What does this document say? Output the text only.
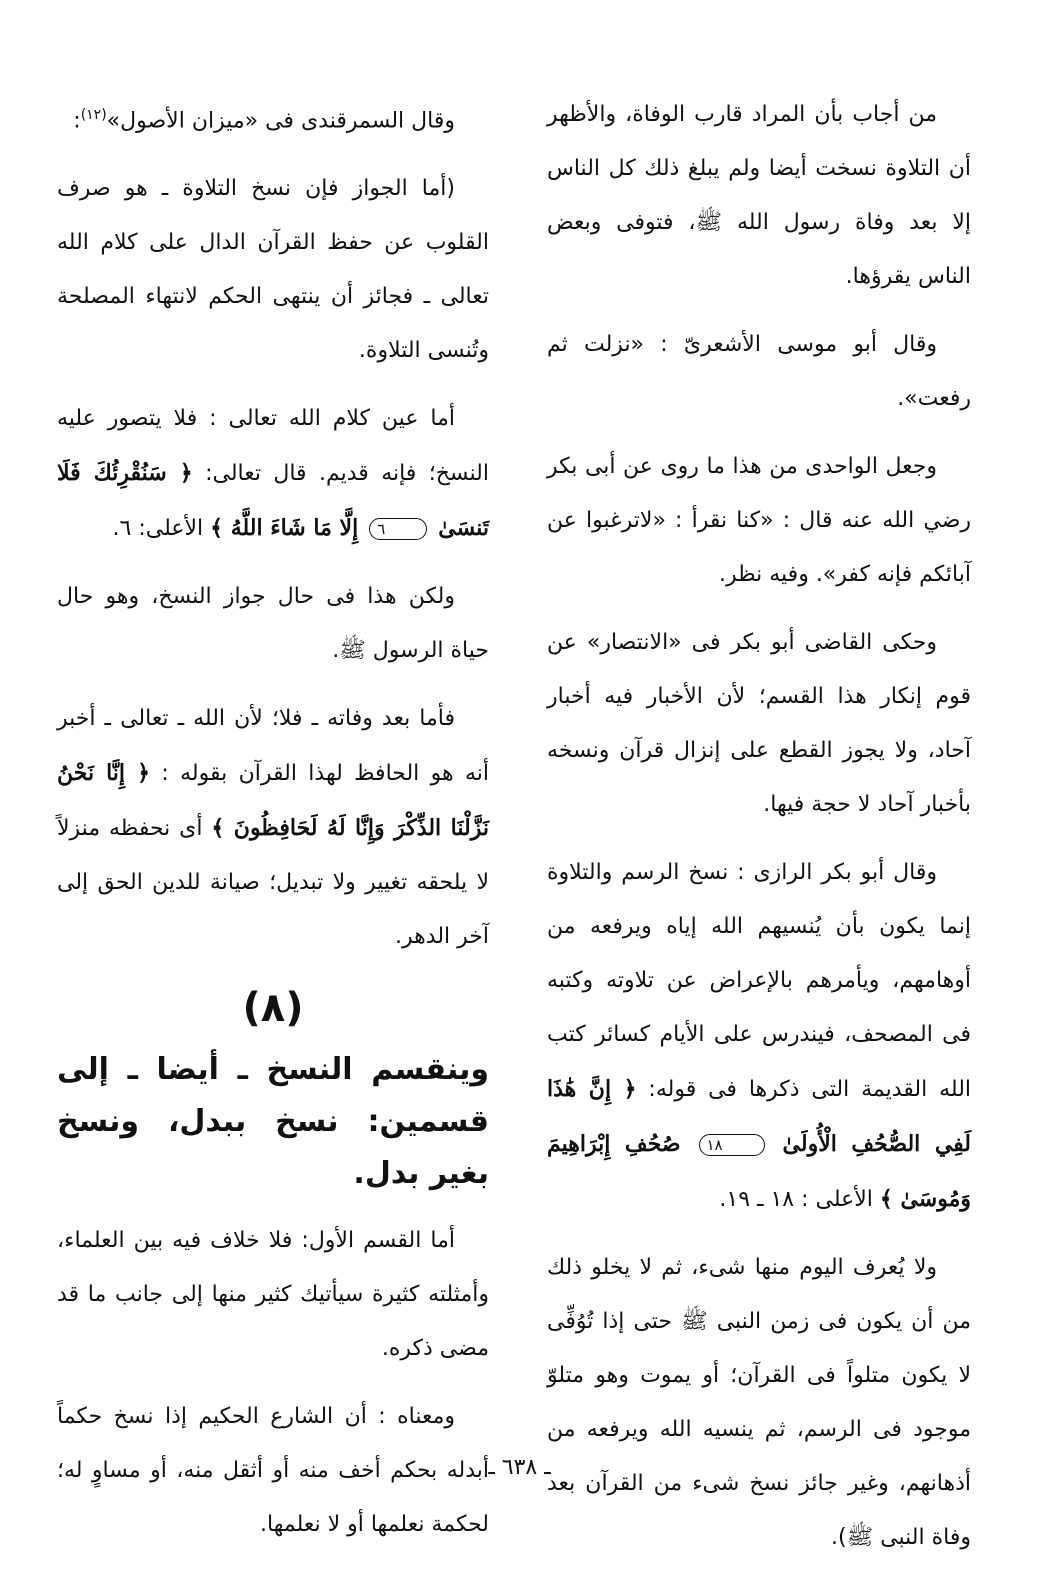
من أجاب بأن المراد قارب الوفاة، والأظهر أن التلاوة نسخت أيضا ولم يبلغ ذلك كل الناس إلا بعد وفاة رسول الله ﷺ، فتوفى وبعض الناس يقرؤها.

وقال أبو موسى الأشعرىّ : «نزلت ثم رفعت».

وجعل الواحدى من هذا ما روى عن أبى بكر رضي الله عنه قال : «كنا نقرأ : «لاترغبوا عن آبائكم فإنه كفر». وفيه نظر.

وحكى القاضى أبو بكر فى «الانتصار» عن قوم إنكار هذا القسم؛ لأن الأخبار فيه أخبار آحاد، ولا يجوز القطع على إنزال قرآن ونسخه بأخبار آحاد لا حجة فيها.

وقال أبو بكر الرازى : نسخ الرسم والتلاوة إنما يكون بأن يُنسيهم الله إياه ويرفعه من أوهامهم، ويأمرهم بالإعراض عن تلاوته وكتبه فى المصحف، فيندرس على الأيام كسائر كتب الله القديمة التى ذكرها فى قوله: ﴿ إِنَّ هَٰذَا لَفِي الصُّحُفِ الْأُولَىٰ ١٨ صُحُفِ إِبْرَاهِيمَ وَمُوسَىٰ ﴾ الأعلى : ١٨ ـ ١٩.

ولا يُعرف اليوم منها شىء، ثم لا يخلو ذلك من أن يكون فى زمن النبى ﷺ حتى إذا تُوُفِّى لا يكون متلواً فى القرآن؛ أو يموت وهو متلوّ موجود فى الرسم، ثم ينسيه الله ويرفعه من أذهانهم، وغير جائز نسخ شىء من القرآن بعد وفاة النبى ﷺ).

وقال السمرقندى فى «ميزان الأصول»$^{(١٢)}$:

(أما الجواز فإن نسخ التلاوة ـ هو صرف القلوب عن حفظ القرآن الدال على كلام الله تعالى ـ فجائز أن ينتهى الحكم لانتهاء المصلحة وتُنسى التلاوة.

أما عين كلام الله تعالى : فلا يتصور عليه النسخ؛ فإنه قديم. قال تعالى: ﴿ سَنُقْرِئُكَ فَلَا تَنسَىٰ ٦ إِلَّا مَا شَاءَ اللَّهُ ﴾ الأعلى: ٦.

ولكن هذا فى حال جواز النسخ، وهو حال حياة الرسول ﷺ.

فأما بعد وفاته ـ فلا؛ لأن الله ـ تعالى ـ أخبر أنه هو الحافظ لهذا القرآن بقوله : ﴿ إِنَّا نَحْنُ نَزَّلْنَا الذِّكْرَ وَإِنَّا لَهُ لَحَافِظُونَ ﴾ أى نحفظه منزلاً لا يلحقه تغيير ولا تبديل؛ صيانة للدين الحق إلى آخر الدهر.

(٨)

وينقسم النسخ ـ أيضا ـ إلى قسمين: نسخ ببدل، ونسخ بغير بدل.

أما القسم الأول: فلا خلاف فيه بين العلماء، وأمثلته كثيرة سيأتيك كثير منها إلى جانب ما قد مضى ذكره.

ومعناه : أن الشارع الحكيم إذا نسخ حكماً أبدله بحكم أخف منه أو أثقل منه، أو مساوٍ له؛ لحكمة نعلمها أو لا نعلمها.

ـ ٦٣٨ ـ
